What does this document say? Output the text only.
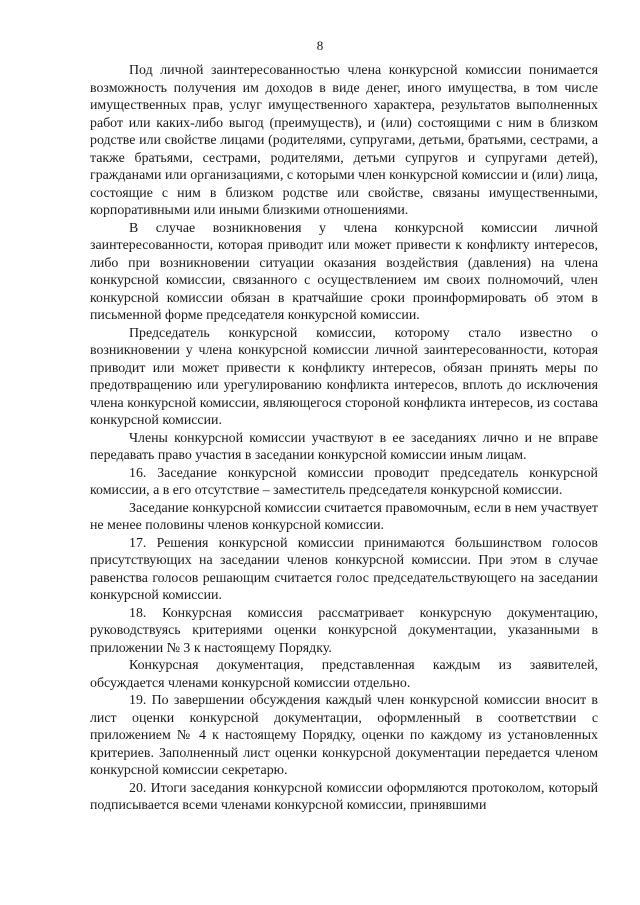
8

Под личной заинтересованностью члена конкурсной комиссии понимается возможность получения им доходов в виде денег, иного имущества, в том числе имущественных прав, услуг имущественного характера, результатов выполненных работ или каких-либо выгод (преимуществ), и (или) состоящими с ним в близком родстве или свойстве лицами (родителями, супругами, детьми, братьями, сестрами, а также братьями, сестрами, родителями, детьми супругов и супругами детей), гражданами или организациями, с которыми член конкурсной комиссии и (или) лица, состоящие с ним в близком родстве или свойстве, связаны имущественными, корпоративными или иными близкими отношениями.

В случае возникновения у члена конкурсной комиссии личной заинтересованности, которая приводит или может привести к конфликту интересов, либо при возникновении ситуации оказания воздействия (давления) на члена конкурсной комиссии, связанного с осуществлением им своих полномочий, член конкурсной комиссии обязан в кратчайшие сроки проинформировать об этом в письменной форме председателя конкурсной комиссии.

Председатель конкурсной комиссии, которому стало известно о возникновении у члена конкурсной комиссии личной заинтересованности, которая приводит или может привести к конфликту интересов, обязан принять меры по предотвращению или урегулированию конфликта интересов, вплоть до исключения члена конкурсной комиссии, являющегося стороной конфликта интересов, из состава конкурсной комиссии.

Члены конкурсной комиссии участвуют в ее заседаниях лично и не вправе передавать право участия в заседании конкурсной комиссии иным лицам.

16. Заседание конкурсной комиссии проводит председатель конкурсной комиссии, а в его отсутствие – заместитель председателя конкурсной комиссии.

Заседание конкурсной комиссии считается правомочным, если в нем участвует не менее половины членов конкурсной комиссии.

17. Решения конкурсной комиссии принимаются большинством голосов присутствующих на заседании членов конкурсной комиссии. При этом в случае равенства голосов решающим считается голос председательствующего на заседании конкурсной комиссии.

18. Конкурсная комиссия рассматривает конкурсную документацию, руководствуясь критериями оценки конкурсной документации, указанными в приложении № 3 к настоящему Порядку.

Конкурсная документация, представленная каждым из заявителей, обсуждается членами конкурсной комиссии отдельно.

19. По завершении обсуждения каждый член конкурсной комиссии вносит в лист оценки конкурсной документации, оформленный в соответствии с приложением № 4 к настоящему Порядку, оценки по каждому из установленных критериев. Заполненный лист оценки конкурсной документации передается членом конкурсной комиссии секретарю.

20. Итоги заседания конкурсной комиссии оформляются протоколом, который подписывается всеми членами конкурсной комиссии, принявшими
